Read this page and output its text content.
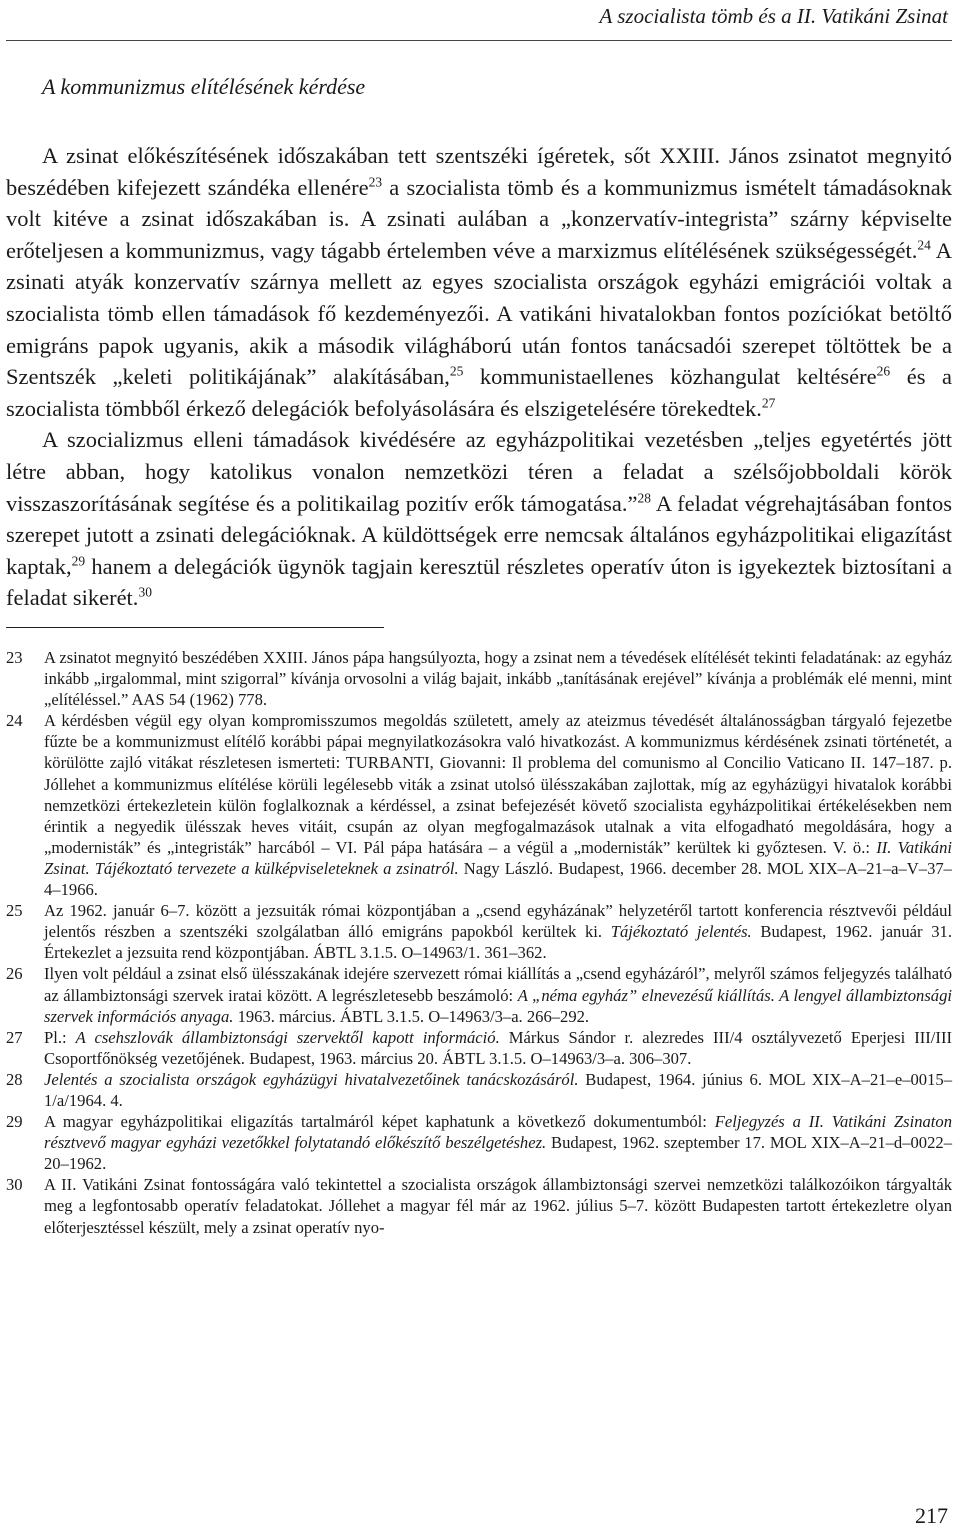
A szocialista tömb és a II. Vatikáni Zsinat
A kommunizmus elítélésének kérdése

A zsinat előkészítésének időszakában tett szentszéki ígéretek, sőt XXIII. János zsinatot megnyitó beszédében kifejezett szándéka ellenére$^{23}$ a szocialista tömb és a kommunizmus ismételt támadásoknak volt kitéve a zsinat időszakában is. A zsinati aulában a „konzervatív-integrista” szárny képviselte erőteljesen a kommunizmus, vagy tágabb értelemben véve a marxizmus elítélésének szükségességét.$^{24}$ A zsinati atyák konzervatív szárnya mellett az egyes szocialista országok egyházi emigrációi voltak a szocialista tömb ellen támadások fő kezdeményezői. A vatikáni hivatalokban fontos pozíciókat betöltő emigráns papok ugyanis, akik a második világháború után fontos tanácsadói szerepet töltöttek be a Szentszék „keleti politikájának” alakításában,$^{25}$ kommunistaellenes közhangulat keltésére$^{26}$ és a szocialista tömbből érkező delegációk befolyásolására és elszigetelésére törekedtek.$^{27}$

A szocializmus elleni támadások kivédésére az egyházpolitikai vezetésben „teljes egyetértés jött létre abban, hogy katolikus vonalon nemzetközi téren a feladat a szélsőjobboldali körök visszaszorításának segítése és a politikailag pozitív erők támogatása.”$^{28}$ A feladat végrehajtásában fontos szerepet jutott a zsinati delegációknak. A küldöttségek erre nemcsak általános egyházpolitikai eligazítást kaptak,$^{29}$ hanem a delegációk ügynök tagjain keresztül részletes operatív úton is igyekeztek biztosítani a feladat sikerét.$^{30}$

23	A zsinatot megnyitó beszédében XXIII. János pápa hangsúlyozta, hogy a zsinat nem a tévedések elítélését tekinti feladatának: az egyház inkább „irgalommal, mint szigorral” kívánja orvosolni a világ bajait, inkább „tanításának erejével” kívánja a problémák elé menni, mint „elítéléssel.” AAS 54 (1962) 778.

24	A kérdésben végül egy olyan kompromisszumos megoldás született, amely az ateizmus tévedését általánosságban tárgyaló fejezetbe fűzte be a kommunizmust elítélő korábbi pápai megnyilatkozásokra való hivatkozást. A kommunizmus kérdésének zsinati történetét, a körülötte zajló vitákat részletesen ismerteti: TURBANTI, Giovanni: Il problema del comunismo al Concilio Vaticano II. 147–187. p. Jóllehet a kommunizmus elítélése körüli legélesebb viták a zsinat utolsó ülésszakában zajlottak, míg az egyházügyi hivatalok korábbi nemzetközi értekezletein külön foglalkoznak a kérdéssel, a zsinat befejezését követő szocialista egyházpolitikai értékelésekben nem érintik a negyedik ülésszak heves vitáit, csupán az olyan megfogalmazások utalnak a vita elfogadható megoldására, hogy a „modernisták” és „integristák” harcából – VI. Pál pápa hatására – a végül a „modernisták” kerültek ki győztesen. V. ö.: II. Vatikáni Zsinat. Tájékoztató tervezete a külképviseleteknek a zsinatról. Nagy László. Budapest, 1966. december 28. MOL XIX–A–21–a–V–37–4–1966.

25	Az 1962. január 6–7. között a jezsuiták római központjában a „csend egyházának” helyzetéről tartott konferencia résztvevői például jelentős részben a szentszéki szolgálatban álló emigráns papokból kerültek ki. Tájékoztató jelentés. Budapest, 1962. január 31. Értekezlet a jezsuita rend központjában. ÁBTL 3.1.5. O–14963/1. 361–362.

26	Ilyen volt például a zsinat első ülésszakának idejére szervezett római kiállítás a „csend egyházáról”, melyről számos feljegyzés található az állambiztonsági szervek iratai között. A legrészletesebb beszámoló: A „néma egyház” elnevezésű kiállítás. A lengyel állambiztonsági szervek információs anyaga. 1963. március. ÁBTL 3.1.5. O–14963/3–a. 266–292.

27	Pl.: A csehszlovák állambiztonsági szervektől kapott információ. Márkus Sándor r. alezredes III/4 osztályvezető Eperjesi III/III Csoportfőnökség vezetőjének. Budapest, 1963. március 20. ÁBTL 3.1.5. O–14963/3–a. 306–307.

28	Jelentés a szocialista országok egyházügyi hivatalvezetőinek tanácskozásáról. Budapest, 1964. június 6. MOL XIX–A–21–e–0015–1/a/1964. 4.

29	A magyar egyházpolitikai eligazítás tartalmáról képet kaphatunk a következő dokumentumból: Feljegyzés a II. Vatikáni Zsinaton résztvevő magyar egyházi vezetőkkel folytatandó előkészítő beszélgetéshez. Budapest, 1962. szeptember 17. MOL XIX–A–21–d–0022–20–1962.

30	A II. Vatikáni Zsinat fontosságára való tekintettel a szocialista országok állambiztonsági szervei nemzetközi találkozóikon tárgyalták meg a legfontosabb operatív feladatokat. Jóllehet a magyar fél már az 1962. július 5–7. között Budapesten tartott értekezletre olyan előterjesztéssel készült, mely a zsinat operatív nyo-

217
